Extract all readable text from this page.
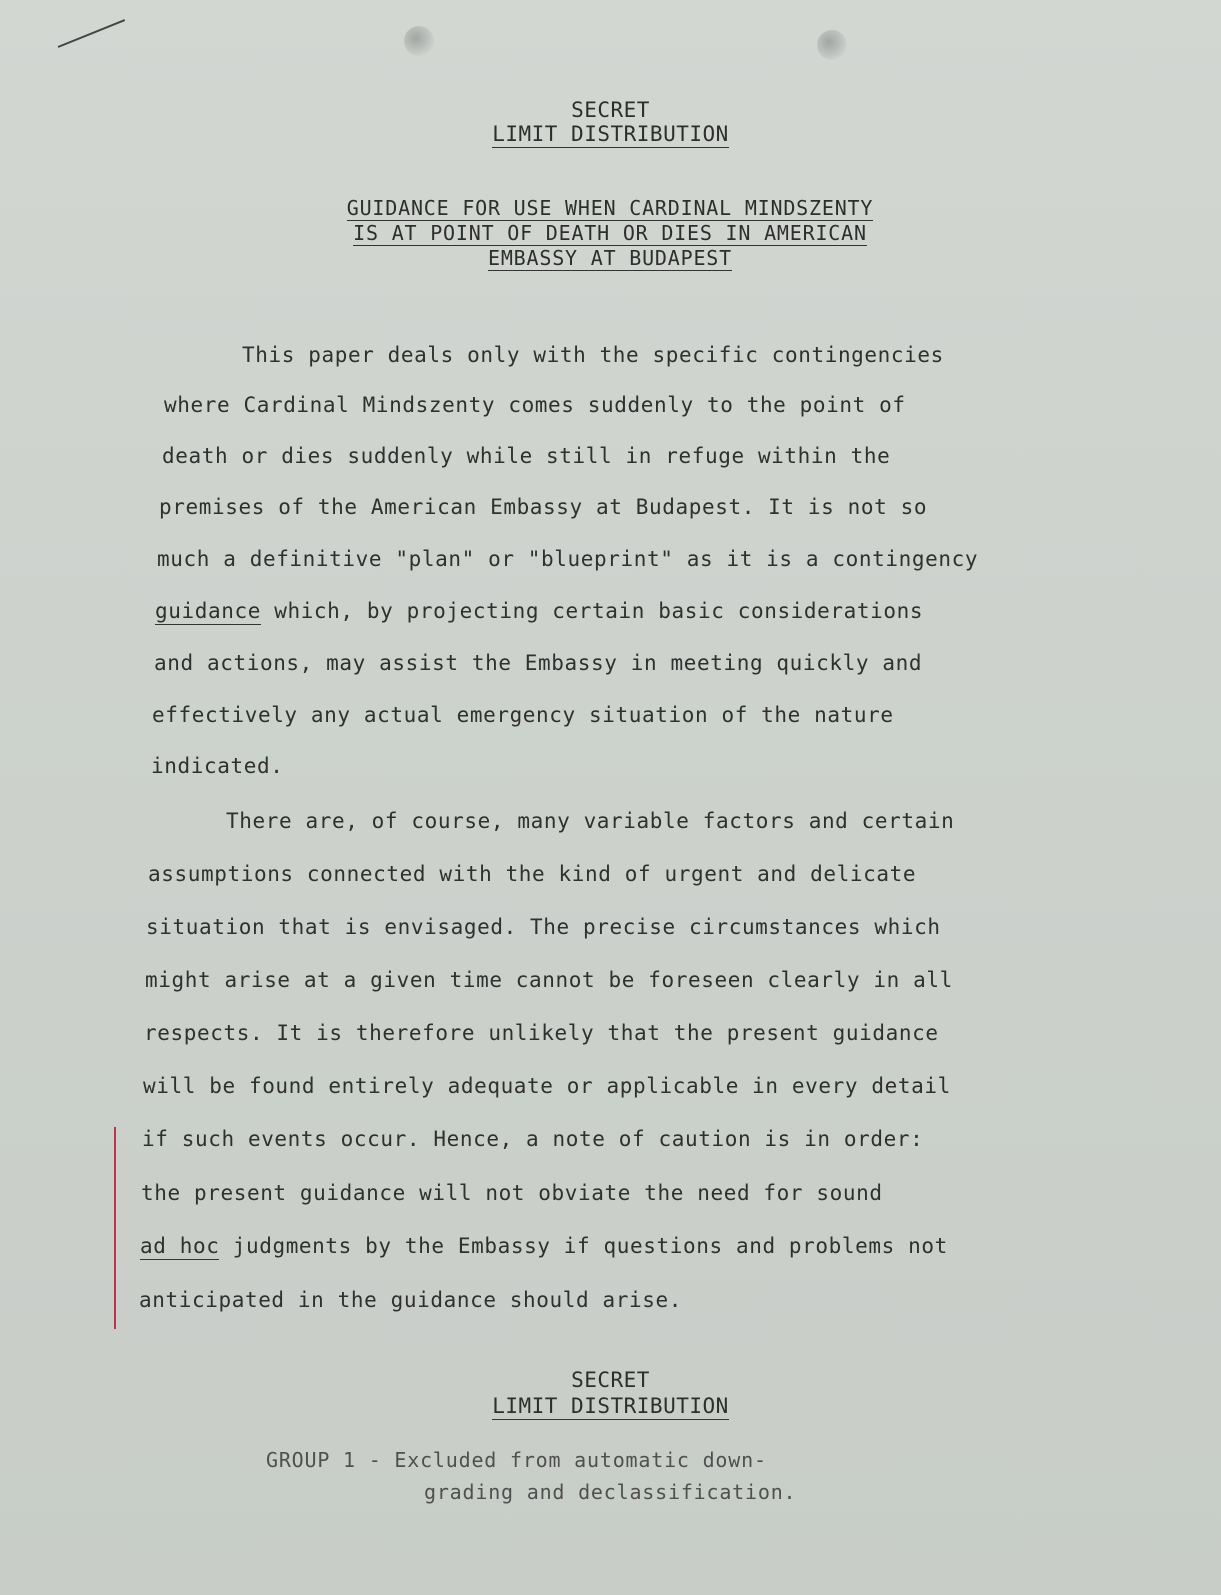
SECRET
LIMIT DISTRIBUTION
GUIDANCE FOR USE WHEN CARDINAL MINDSZENTY
IS AT POINT OF DEATH OR DIES IN AMERICAN
EMBASSY AT BUDAPEST
This paper deals only with the specific contingencies
where Cardinal Mindszenty comes suddenly to the point of
death or dies suddenly while still in refuge within the
premises of the American Embassy at Budapest. It is not so
much a definitive "plan" or "blueprint" as it is a contingency
guidance which, by projecting certain basic considerations
and actions, may assist the Embassy in meeting quickly and
effectively any actual emergency situation of the nature
indicated.
There are, of course, many variable factors and certain
assumptions connected with the kind of urgent and delicate
situation that is envisaged. The precise circumstances which
might arise at a given time cannot be foreseen clearly in all
respects. It is therefore unlikely that the present guidance
will be found entirely adequate or applicable in every detail
if such events occur. Hence, a note of caution is in order:
the present guidance will not obviate the need for sound
ad hoc judgments by the Embassy if questions and problems not
anticipated in the guidance should arise.
SECRET
LIMIT DISTRIBUTION
GROUP 1 - Excluded from automatic down-
grading and declassification.
